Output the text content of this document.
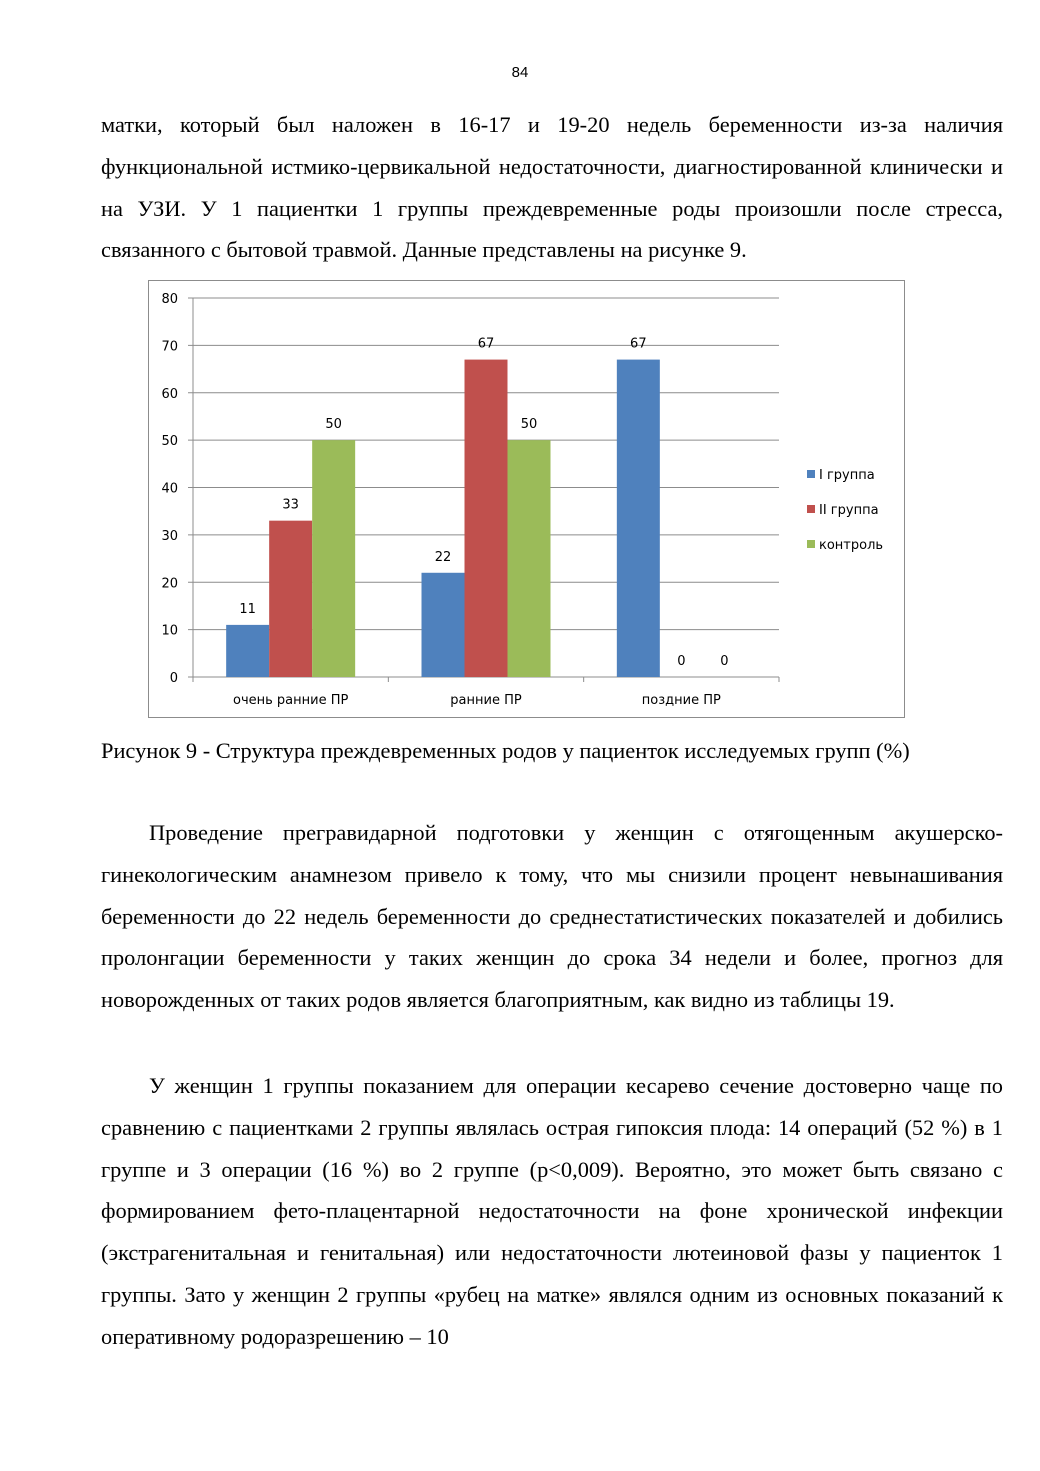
84

матки, который был наложен в 16-17 и 19-20 недель беременности из-за наличия функциональной истмико-цервикальной недостаточности, диагностированной клинически и на УЗИ. У 1 пациентки 1 группы преждевременные роды произошли после стресса, связанного с бытовой травмой. Данные представлены на рисунке 9.

0
10
20
30
40
50
60
70
80
очень ранние ПР	ранние ПР	поздние ПР
11
33
50
22
67
50
67
0	0
I группа
II группа
контроль
Рисунок 9 - Структура преждевременных родов у пациенток исследуемых групп (%)

Проведение прегравидарной подготовки у женщин с отягощенным акушерско-гинекологическим анамнезом привело к тому, что мы снизили процент невынашивания беременности до 22 недель беременности до среднестатистических показателей и добились пролонгации беременности у таких женщин до срока 34 недели и более, прогноз для новорожденных от таких родов является благоприятным, как видно из таблицы 19.

У женщин 1 группы показанием для операции кесарево сечение достоверно чаще по сравнению с пациентками 2 группы являлась острая гипоксия плода: 14 операций (52 %) в 1 группе и 3 операции (16 %) во 2 группе (p<0,009). Вероятно, это может быть связано с формированием фето-плацентарной недостаточности на фоне хронической инфекции (экстрагенитальная и генитальная) или недостаточности лютеиновой фазы у пациенток 1 группы. Зато у женщин 2 группы «рубец на матке» являлся одним из основных показаний к оперативному родоразрешению – 10
